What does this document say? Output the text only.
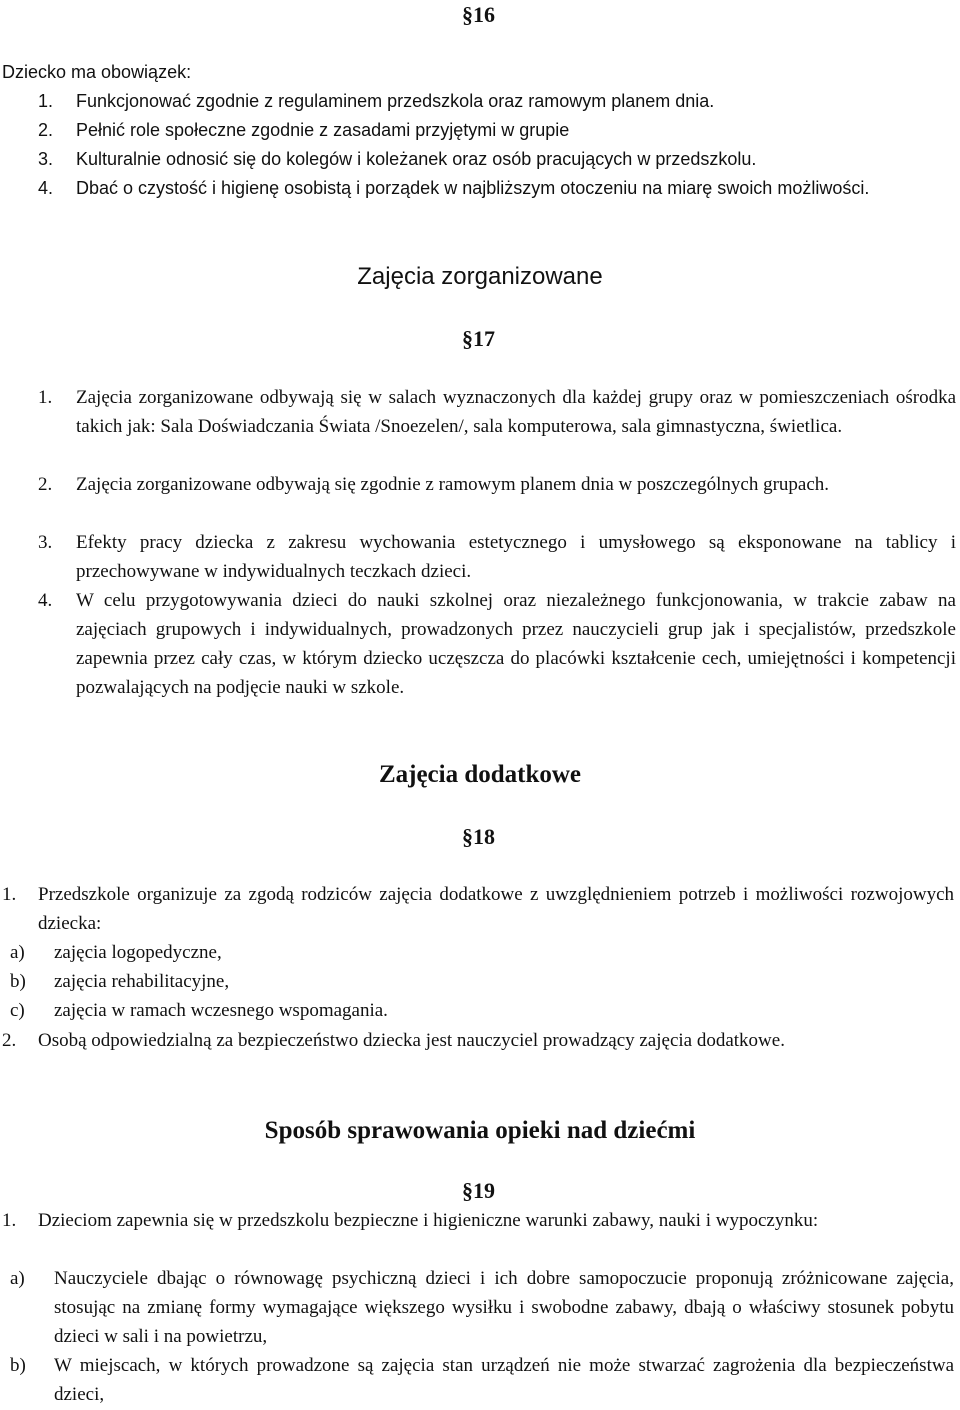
§16
Dziecko ma obowiązek:
1. Funkcjonować zgodnie z regulaminem przedszkola oraz ramowym planem dnia.
2. Pełnić role społeczne zgodnie z zasadami przyjętymi w grupie
3. Kulturalnie odnosić się do kolegów i koleżanek oraz osób pracujących w przedszkolu.
4. Dbać o czystość i higienę osobistą i porządek w najbliższym otoczeniu na miarę swoich możliwości.
Zajęcia zorganizowane
§17
1. Zajęcia zorganizowane odbywają się w salach wyznaczonych dla każdej grupy oraz w pomieszczeniach ośrodka takich jak: Sala Doświadczania Świata /Snoezelen/, sala komputerowa, sala gimnastyczna, świetlica.
2. Zajęcia zorganizowane odbywają się zgodnie z ramowym planem dnia w poszczególnych grupach.
3. Efekty pracy dziecka z zakresu wychowania estetycznego i umysłowego są eksponowane na tablicy i przechowywane w indywidualnych teczkach dzieci.
4. W celu przygotowywania dzieci do nauki szkolnej oraz niezależnego funkcjonowania, w trakcie zabaw na zajęciach grupowych i indywidualnych, prowadzonych przez nauczycieli grup jak i specjalistów, przedszkole zapewnia przez cały czas, w którym dziecko uczęszcza do placówki kształcenie cech, umiejętności i kompetencji pozwalających na podjęcie nauki w szkole.
Zajęcia dodatkowe
§18
1. Przedszkole organizuje za zgodą rodziców zajęcia dodatkowe z uwzględnieniem potrzeb i możliwości rozwojowych dziecka:
a) zajęcia logopedyczne,
b) zajęcia rehabilitacyjne,
c) zajęcia w ramach wczesnego wspomagania.
2. Osobą odpowiedzialną za bezpieczeństwo dziecka jest nauczyciel prowadzący zajęcia dodatkowe.
Sposób sprawowania opieki nad dziećmi
§19
1. Dzieciom zapewnia się w przedszkolu bezpieczne i higieniczne warunki zabawy, nauki i wypoczynku:
a) Nauczyciele dbając o równowagę psychiczną dzieci i ich dobre samopoczucie proponują zróżnicowane zajęcia, stosując na zmianę formy wymagające większego wysiłku i swobodne zabawy, dbają o właściwy stosunek pobytu dzieci w sali i na powietrzu,
b) W miejscach, w których prowadzone są zajęcia stan urządzeń nie może stwarzać zagrożenia dla bezpieczeństwa dzieci,
